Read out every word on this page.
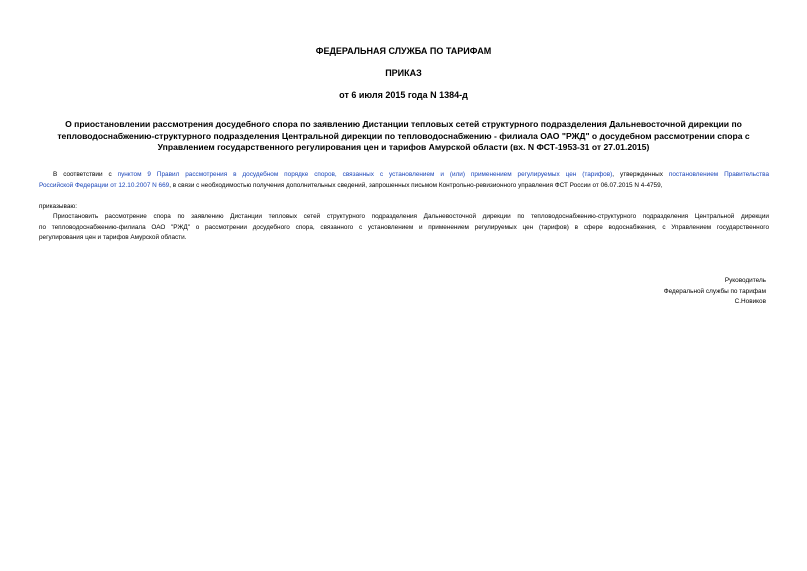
ФЕДЕРАЛЬНАЯ СЛУЖБА ПО ТАРИФАМ
ПРИКАЗ
от 6 июля 2015 года N 1384-д
О приостановлении рассмотрения досудебного спора по заявлению Дистанции тепловых сетей структурного подразделения Дальневосточной дирекции по
тепловодоснабжению-структурного подразделения Центральной дирекции по тепловодоснабжению - филиала ОАО "РЖД" о досудебном рассмотрении спора с
Управлением государственного регулирования цен и тарифов Амурской области (вх. N ФСТ-1953-31 от 27.01.2015)
В соответствии с пунктом 9 Правил рассмотрения в досудебном порядке споров, связанных с установлением и (или) применением регулируемых цен (тарифов), утвержденных постановлением Правительства
Российской Федерации от 12.10.2007 N 669, в связи с необходимостью получения дополнительных сведений, запрошенных письмом Контрольно-ревизионного управления ФСТ России от 06.07.2015 N 4-4759,
приказываю:
Приостановить рассмотрение спора по заявлению Дистанции тепловых сетей структурного подразделения Дальневосточной дирекции по тепловодоснабжению-структурного подразделения Центральной дирекции
по тепловодоснабжению-филиала ОАО "РЖД" о рассмотрении досудебного спора, связанного с установлением и применением регулируемых цен (тарифов) в сфере водоснабжения, с Управлением государственного
регулирования цен и тарифов Амурской области.
Руководитель
Федеральной службы по тарифам
С.Новиков
